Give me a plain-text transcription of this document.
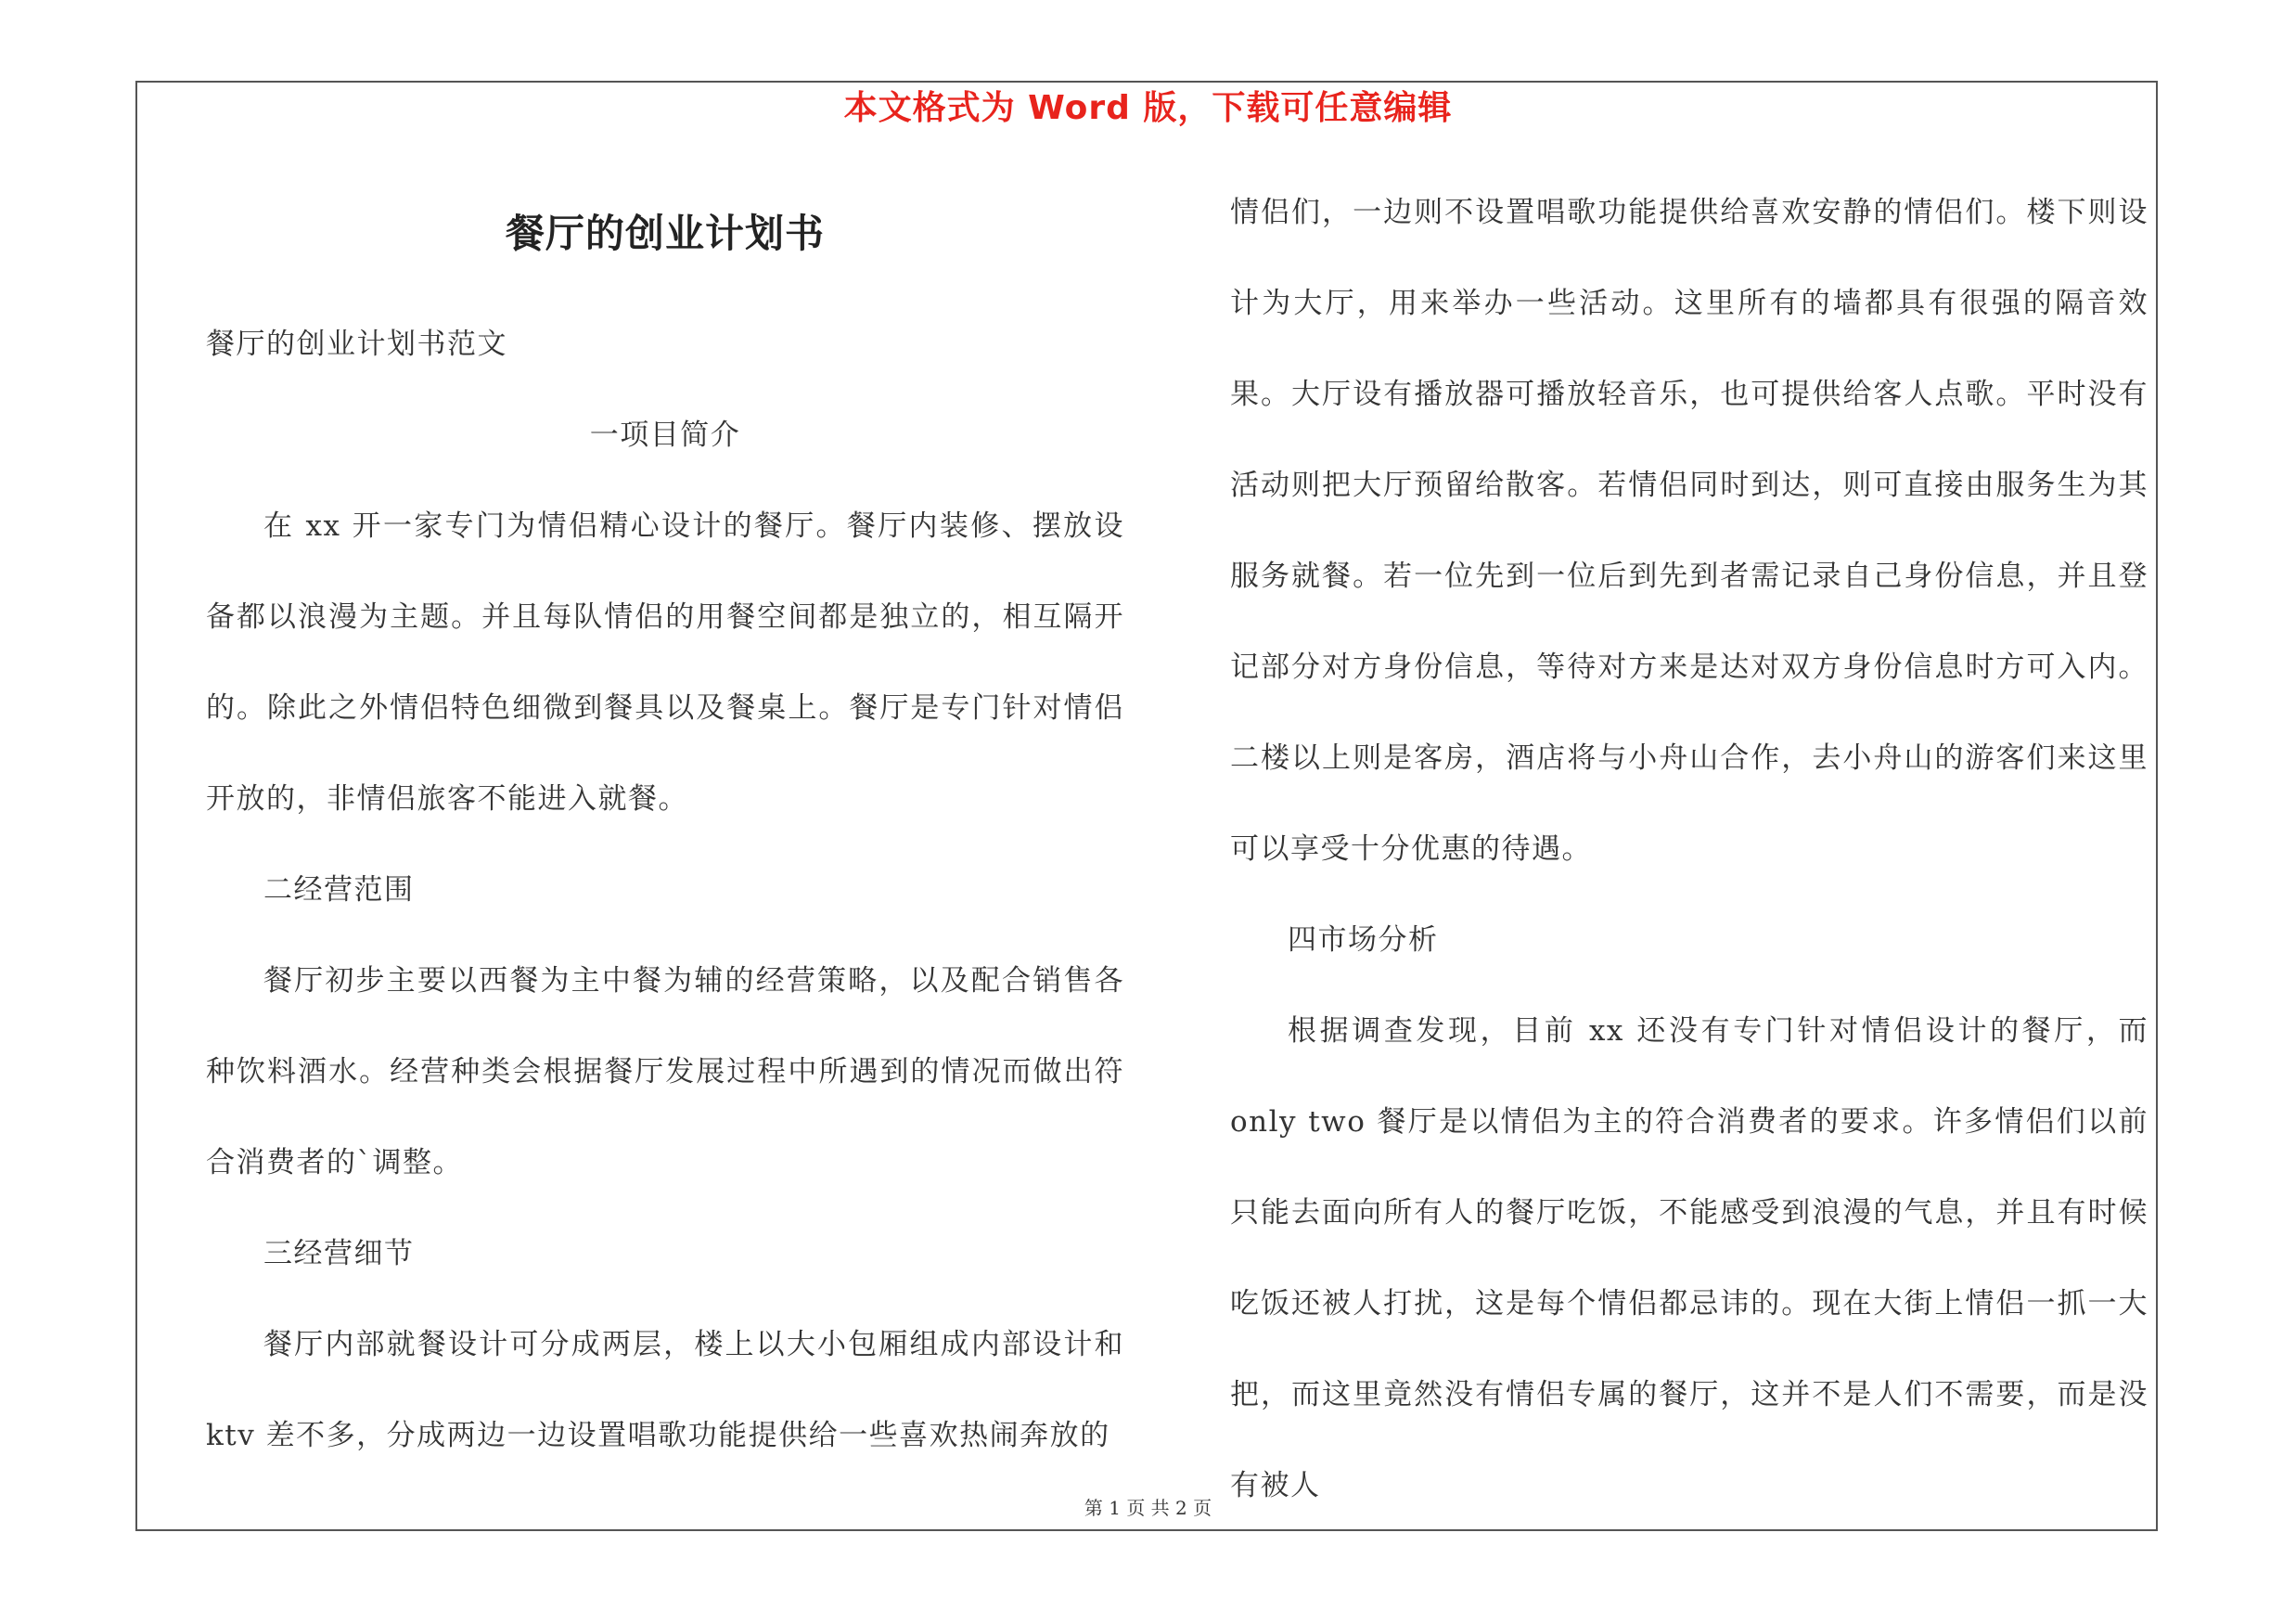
本文格式为 Word 版，下载可任意编辑
餐厅的创业计划书

餐厅的创业计划书范文

一项目简介

在 xx 开一家专门为情侣精心设计的餐厅。餐厅内装修、摆放设备都以浪漫为主题。并且每队情侣的用餐空间都是独立的，相互隔开的。除此之外情侣特色细微到餐具以及餐桌上。餐厅是专门针对情侣开放的，非情侣旅客不能进入就餐。

二经营范围

餐厅初步主要以西餐为主中餐为辅的经营策略，以及配合销售各种饮料酒水。经营种类会根据餐厅发展过程中所遇到的情况而做出符合消费者的`调整。

三经营细节

餐厅内部就餐设计可分成两层，楼上以大小包厢组成内部设计和 ktv 差不多，分成两边一边设置唱歌功能提供给一些喜欢热闹奔放的

情侣们，一边则不设置唱歌功能提供给喜欢安静的情侣们。楼下则设计为大厅，用来举办一些活动。这里所有的墙都具有很强的隔音效果。大厅设有播放器可播放轻音乐，也可提供给客人点歌。平时没有活动则把大厅预留给散客。若情侣同时到达，则可直接由服务生为其服务就餐。若一位先到一位后到先到者需记录自己身份信息，并且登记部分对方身份信息，等待对方来是达对双方身份信息时方可入内。二楼以上则是客房，酒店将与小舟山合作，去小舟山的游客们来这里可以享受十分优惠的待遇。

四市场分析

根据调查发现，目前 xx 还没有专门针对情侣设计的餐厅，而 only two 餐厅是以情侣为主的符合消费者的要求。许多情侣们以前只能去面向所有人的餐厅吃饭，不能感受到浪漫的气息，并且有时候吃饭还被人打扰，这是每个情侣都忌讳的。现在大街上情侣一抓一大把，而这里竟然没有情侣专属的餐厅，这并不是人们不需要，而是没有被人

第 1 页 共 2 页
